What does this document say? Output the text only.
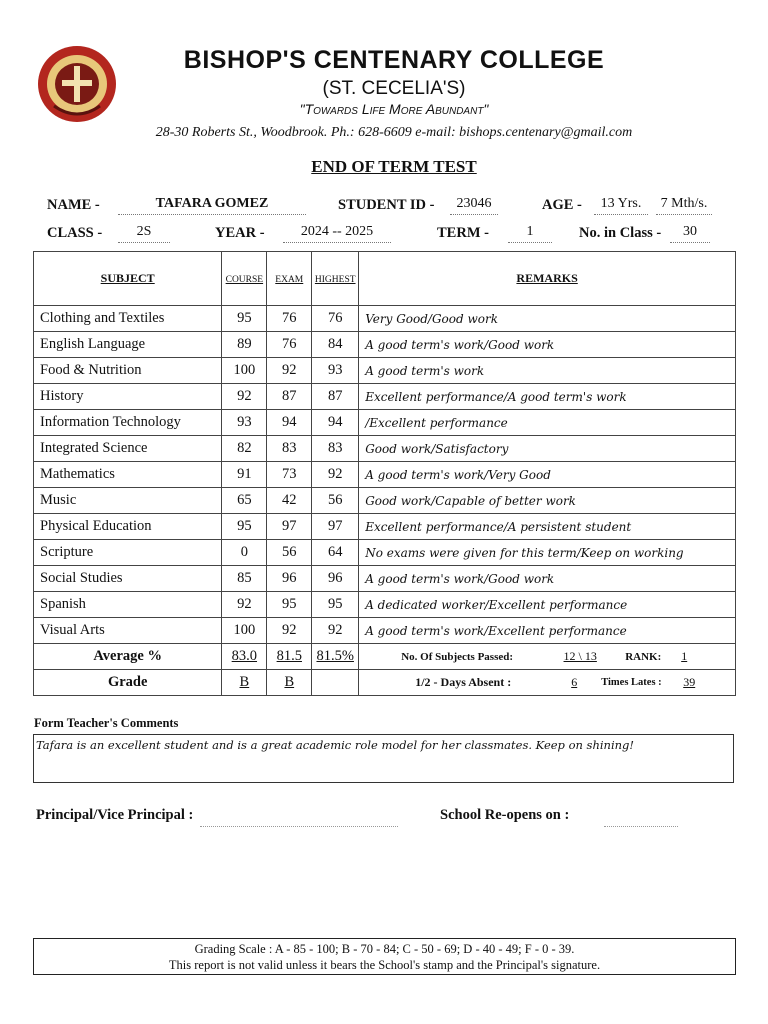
BISHOP'S CENTENARY COLLEGE
(ST. CECELIA'S)
"Towards Life More Abundant"
28-30 Roberts St., Woodbrook. Ph.: 628-6609 e-mail: bishops.centenary@gmail.com
END OF TERM TEST
NAME -	TAFARA GOMEZ	STUDENT ID -	23046	AGE -	13 Yrs.	7 Mth/s.
CLASS -	2S	YEAR -	2024 -- 2025	TERM -	1	No. in Class -	30
SUBJECT	COURSE	EXAM	HIGHEST	REMARKS
Clothing and Textiles	95	76	76	Very Good/Good work
English Language	89	76	84	A good term's work/Good work
Food & Nutrition	100	92	93	A good term's work
History	92	87	87	Excellent performance/A good term's work
Information Technology	93	94	94	/Excellent performance
Integrated Science	82	83	83	Good work/Satisfactory
Mathematics	91	73	92	A good term's work/Very Good
Music	65	42	56	Good work/Capable of better work
Physical Education	95	97	97	Excellent performance/A persistent student
Scripture	0	56	64	No exams were given for this term/Keep on working
Social Studies	85	96	96	A good term's work/Good work
Spanish	92	95	95	A dedicated worker/Excellent performance
Visual Arts	100	92	92	A good term's work/Excellent performance
Average %	83.0	81.5	81.5%	No. Of Subjects Passed: 12 \ 13 RANK: 1

Grade	B	B		1/2 - Days Absent : 6 Times Lates : 39
Form Teacher's Comments
Tafara is an excellent student and is a great academic role model for her classmates. Keep on shining!
Principal/Vice Principal :	School Re-opens on :
Grading Scale : A - 85 - 100; B - 70 - 84; C - 50 - 69; D - 40 - 49; F - 0 - 39.
This report is not valid unless it bears the School's stamp and the Principal's signature.
